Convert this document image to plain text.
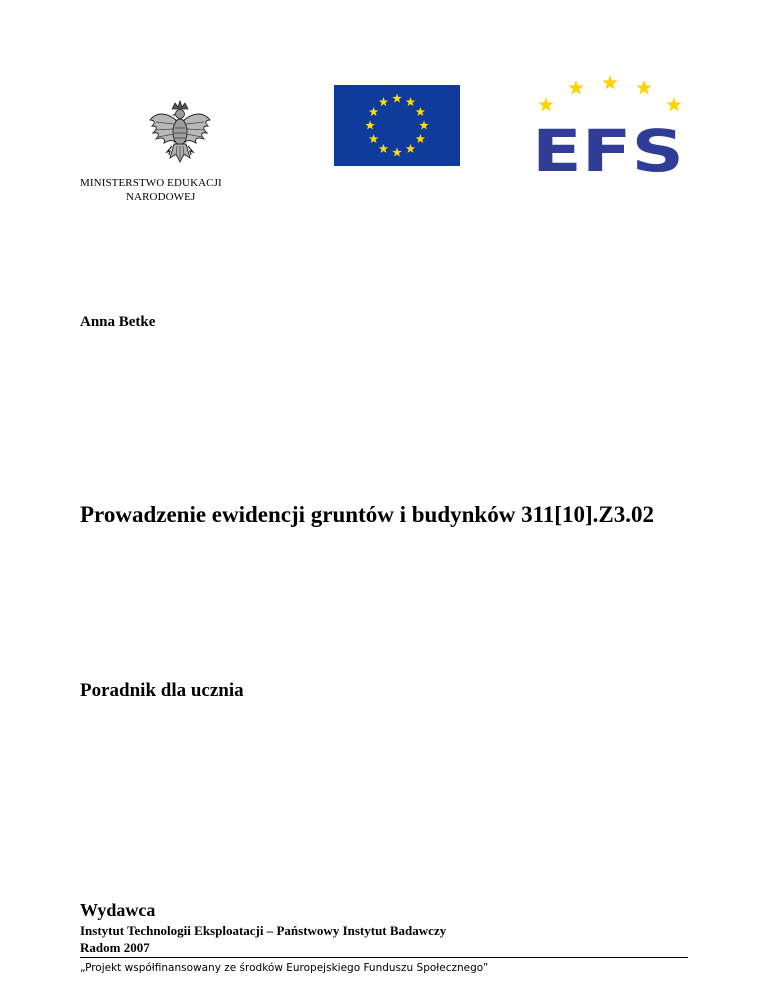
MINISTERSTWO EDUKACJI
NARODOWEJ
EFS
Anna Betke
Prowadzenie ewidencji gruntów i budynków 311[10].Z3.02
Poradnik dla ucznia
Wydawca
Instytut Technologii Eksploatacji – Państwowy Instytut Badawczy
Radom 2007
„Projekt współfinansowany ze środków Europejskiego Funduszu Społecznego”
